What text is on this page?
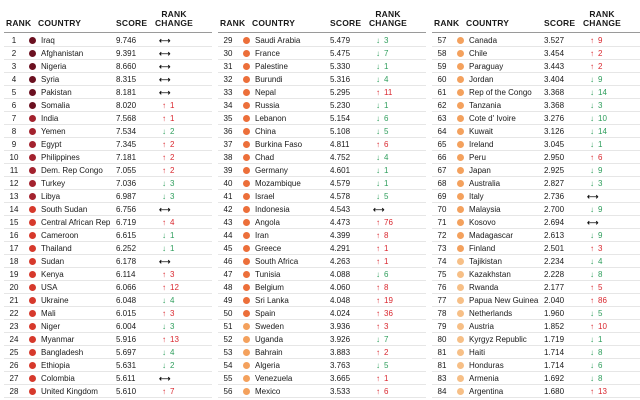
RANK COUNTRY	SCORE
RANK CHANGE
1	Iraq	9.746	⟷
2	Afghanistan	9.391	⟷
3	Nigeria	8.660	⟷
4	Syria	8.315	⟷
5	Pakistan	8.181	⟷
6	Somalia	8.020	↑ 1
7	India	7.568	↑ 1
8	Yemen	7.534	↓ 2
9	Egypt	7.345	↑ 2
10	Philippines	7.181	↑ 2
11	Dem. Rep Congo 7.055	↑ 2
12	Turkey	7.036	↓ 3
13	Libya	6.987	↓ 3
14	South Sudan	6.756	⟷
15	Central African Rep 6.719	↑ 4
16	Cameroon	6.615	↓ 1
17	Thailand	6.252	↓ 1
18	Sudan	6.178	⟷
19	Kenya	6.114	↑ 3
20	USA	6.066	↑ 12
21	Ukraine	6.048	↓ 4
22	Mali	6.015	↑ 3
23	Niger	6.004	↓ 3
24	Myanmar	5.916	↑ 13
25	Bangladesh	5.697	↓ 4
26	Ethiopia	5.631	↓ 2
27	Colombia	5.611	⟷
28	United Kingdom 5.610	↑ 7
RANK COUNTRY	SCORE
RANK CHANGE
29	Saudi Arabia	5.479	↓ 3
30	France	5.475	↓ 7
31	Palestine	5.330	↓ 1
32	Burundi	5.316	↓ 4
33	Nepal	5.295	↑ 11
34	Russia	5.230	↓ 1
35	Lebanon	5.154	↓ 6
36	China	5.108	↓ 5
37	Burkina Faso	4.811	↑ 6
38	Chad	4.752	↓ 4
39	Germany	4.601	↓ 1
40	Mozambique	4.579	↓ 1
41	Israel	4.578	↓ 5
42	Indonesia	4.543	⟷
43	Angola	4.473	↑ 76
44	Iran	4.399	↑ 8
45	Greece	4.291	↑ 1
46	South Africa	4.263	↑ 1
47	Tunisia	4.088	↓ 6
48	Belgium	4.060	↑ 8
49	Sri Lanka	4.048	↑ 19
50	Spain	4.024	↑ 36
51	Sweden	3.936	↑ 3
52	Uganda	3.926	↓ 7
53	Bahrain	3.883	↑ 2
54	Algeria	3.763	↓ 5
55	Venezuela	3.665	↑ 1
56	Mexico	3.533	↑ 6
RANK COUNTRY	SCORE
RANK CHANGE
57	Canada	3.527	↑ 9
58	Chile	3.454	↑ 2
59	Paraguay	3.443	↑ 2
60	Jordan	3.404	↓ 9
61	Rep of the Congo 3.368	↓ 14
62	Tanzania	3.368	↓ 3
63	Cote d' Ivoire	3.276	↓ 10
64	Kuwait	3.126	↓ 14
65	Ireland	3.045	↓ 1
66	Peru	2.950	↑ 6
67	Japan	2.925	↓ 9
68	Australia	2.827	↓ 3
69	Italy	2.736	⟷
70	Malaysia	2.700	↓ 9
71	Kosovo	2.694	⟷
72	Madagascar	2.613	↓ 9
73	Finland	2.501	↑ 3
74	Tajikistan	2.234	↓ 4
75	Kazakhstan	2.228	↓ 8
76	Rwanda	2.177	↑ 5
77	Papua New Guinea 2.040	↑ 86
78	Netherlands	1.960	↓ 5
79	Austria	1.852	↑ 10
80	Kyrgyz Republic 1.719	↓ 1
81	Haiti	1.714	↓ 8
81	Honduras	1.714	↓ 6
83	Armenia	1.692	↓ 8
84	Argentina	1.680	↑ 13
